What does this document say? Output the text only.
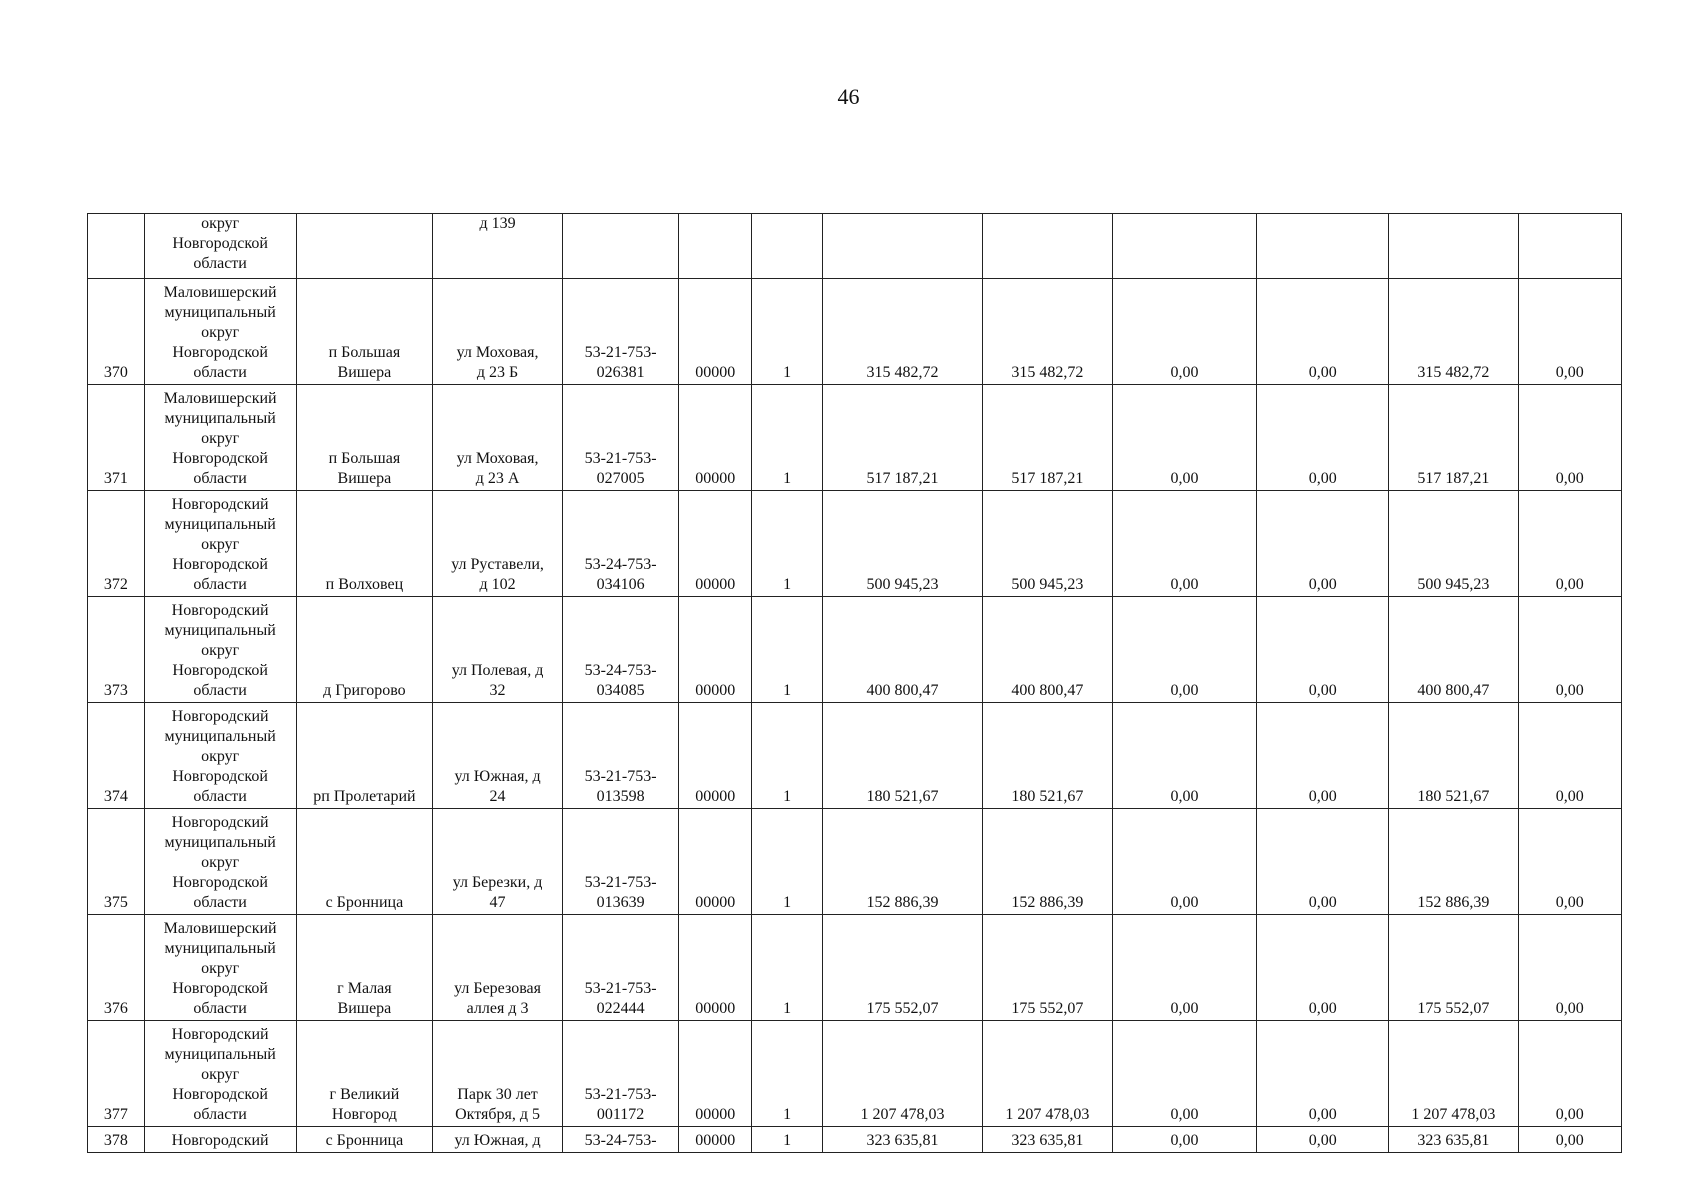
46

	округ
Новгородской
области		д 139									

370	Маловишерский
муниципальный
округ
Новгородской
области	п Большая
Вишера	ул Моховая,
д 23 Б	53-21-753-
026381	00000	1	315 482,72	315 482,72	0,00	0,00	315 482,72	0,00

371	Маловишерский
муниципальный
округ
Новгородской
области	п Большая
Вишера	ул Моховая,
д 23 А	53-21-753-
027005	00000	1	517 187,21	517 187,21	0,00	0,00	517 187,21	0,00

372	Новгородский
муниципальный
округ
Новгородской
области	п Волховец	ул Руставели,
д 102	53-24-753-
034106	00000	1	500 945,23	500 945,23	0,00	0,00	500 945,23	0,00

373	Новгородский
муниципальный
округ
Новгородской
области	д Григорово	ул Полевая, д
32	53-24-753-
034085	00000	1	400 800,47	400 800,47	0,00	0,00	400 800,47	0,00

374	Новгородский
муниципальный
округ
Новгородской
области	рп Пролетарий	ул Южная, д
24	53-21-753-
013598	00000	1	180 521,67	180 521,67	0,00	0,00	180 521,67	0,00

375	Новгородский
муниципальный
округ
Новгородской
области	с Бронница	ул Березки, д
47	53-21-753-
013639	00000	1	152 886,39	152 886,39	0,00	0,00	152 886,39	0,00

376	Маловишерский
муниципальный
округ
Новгородской
области	г Малая
Вишера	ул Березовая
аллея д 3	53-21-753-
022444	00000	1	175 552,07	175 552,07	0,00	0,00	175 552,07	0,00

377	Новгородский
муниципальный
округ
Новгородской
области	г Великий
Новгород	Парк 30 лет
Октября, д 5	53-21-753-
001172	00000	1	1 207 478,03	1 207 478,03	0,00	0,00	1 207 478,03	0,00

378	Новгородский	с Бронница	ул Южная, д	53-24-753-	00000	1	323 635,81	323 635,81	0,00	0,00	323 635,81	0,00
